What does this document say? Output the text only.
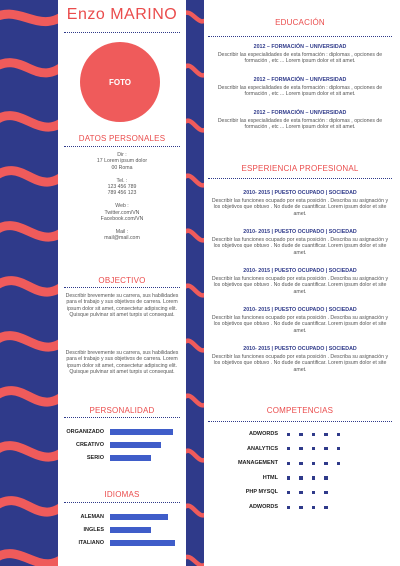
Enzo MARINO
FOTO
DATOS PERSONALES
Dir :
17 Lorem ipsum dolor
00 Roma
Tel. :
123 456 789
789 456 123
Web :
Twitter.com/VN
Facebook.com/VN
Mail :
mail@mail.com
OBJECTIVO
Describir brevemente su carrera, sus habilidades para el trabajo y sus objetivos de carrera. Lorem ipsum dolor sit amet, consectetur adipiscing elit. Quisque pulvinar sit amet turpis ut consequat.
Describir brevemente su carrera, sus habilidades para el trabajo y sus objetivos de carrera. Lorem ipsum dolor sit amet, consectetur adipiscing elit. Quisque pulvinar sit amet turpis ut consequat.
PERSONALIDAD
ORGANIZADO
CREATIVO
SERIO
IDIOMAS
ALEMAN
INGLES
ITALIANO
EDUCACIÓN
2012 – FORMACIÓN – UNIVERSIDAD
Describir las especialidades de esta formación : diplomas , opciones de formación , etc ... Lorem ipsum dolor et sit amet.
2012 – FORMACIÓN – UNIVERSIDAD
Describir las especialidades de esta formación : diplomas , opciones de formación , etc ... Lorem ipsum dolor et sit amet.
2012 – FORMACIÓN – UNIVERSIDAD
Describir las especialidades de esta formación : diplomas , opciones de formación , etc ... Lorem ipsum dolor et sit amet.
ESPERIENCIA PROFESIONAL
2010- 2015 | PUESTO OCUPADO | SOCIEDAD
Describir las funciones ocupado por esta posición . Describa su asignación y los objetivos que obtuvo . No dude de cuantificar. Lorem ipsum dolor et site amet.
2010- 2015 | PUESTO OCUPADO | SOCIEDAD
Describir las funciones ocupado por esta posición . Describa su asignación y los objetivos que obtuvo . No dude de cuantificar. Lorem ipsum dolor et site amet.
2010- 2015 | PUESTO OCUPADO | SOCIEDAD
Describir las funciones ocupado por esta posición . Describa su asignación y los objetivos que obtuvo . No dude de cuantificar. Lorem ipsum dolor et site amet.
2010- 2015 | PUESTO OCUPADO | SOCIEDAD
Describir las funciones ocupado por esta posición . Describa su asignación y los objetivos que obtuvo . No dude de cuantificar. Lorem ipsum dolor et site amet.
2010- 2015 | PUESTO OCUPADO | SOCIEDAD
Describir las funciones ocupado por esta posición . Describa su asignación y los objetivos que obtuvo . No dude de cuantificar. Lorem ipsum dolor et site amet.
COMPETENCIAS
ADWORDS
ANALYTICS
MANAGEMENT
HTML
PHP MYSQL
ADWORDS
